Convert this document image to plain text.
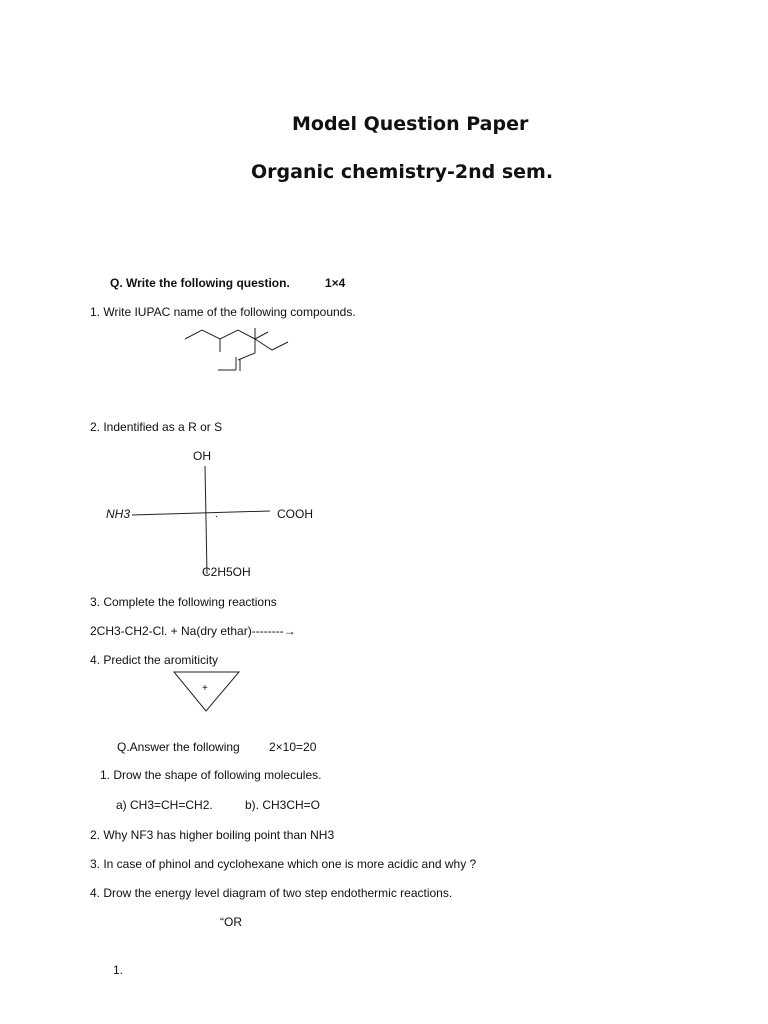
Model Question Paper
Organic chemistry-2nd sem.
Q. Write the following question.	1×4
1. Write IUPAC name of the following compounds.
2. Indentified as a R or S
OH
NH3	COOH
C2H5OH
3. Complete the following reactions
2CH3-CH2-Cl. + Na(dry ethar)--------→
4. Predict the aromiticity
+
Q.Answer the following 2×10=20
1. Drow the shape of following molecules.
a) CH3=CH=CH2.	b). CH3CH=O
2. Why NF3 has higher boiling point than NH3
3. In case of phinol and cyclohexane which one is more acidic and why ?
4. Drow the energy level diagram of two step endothermic reactions.
“OR
1.
